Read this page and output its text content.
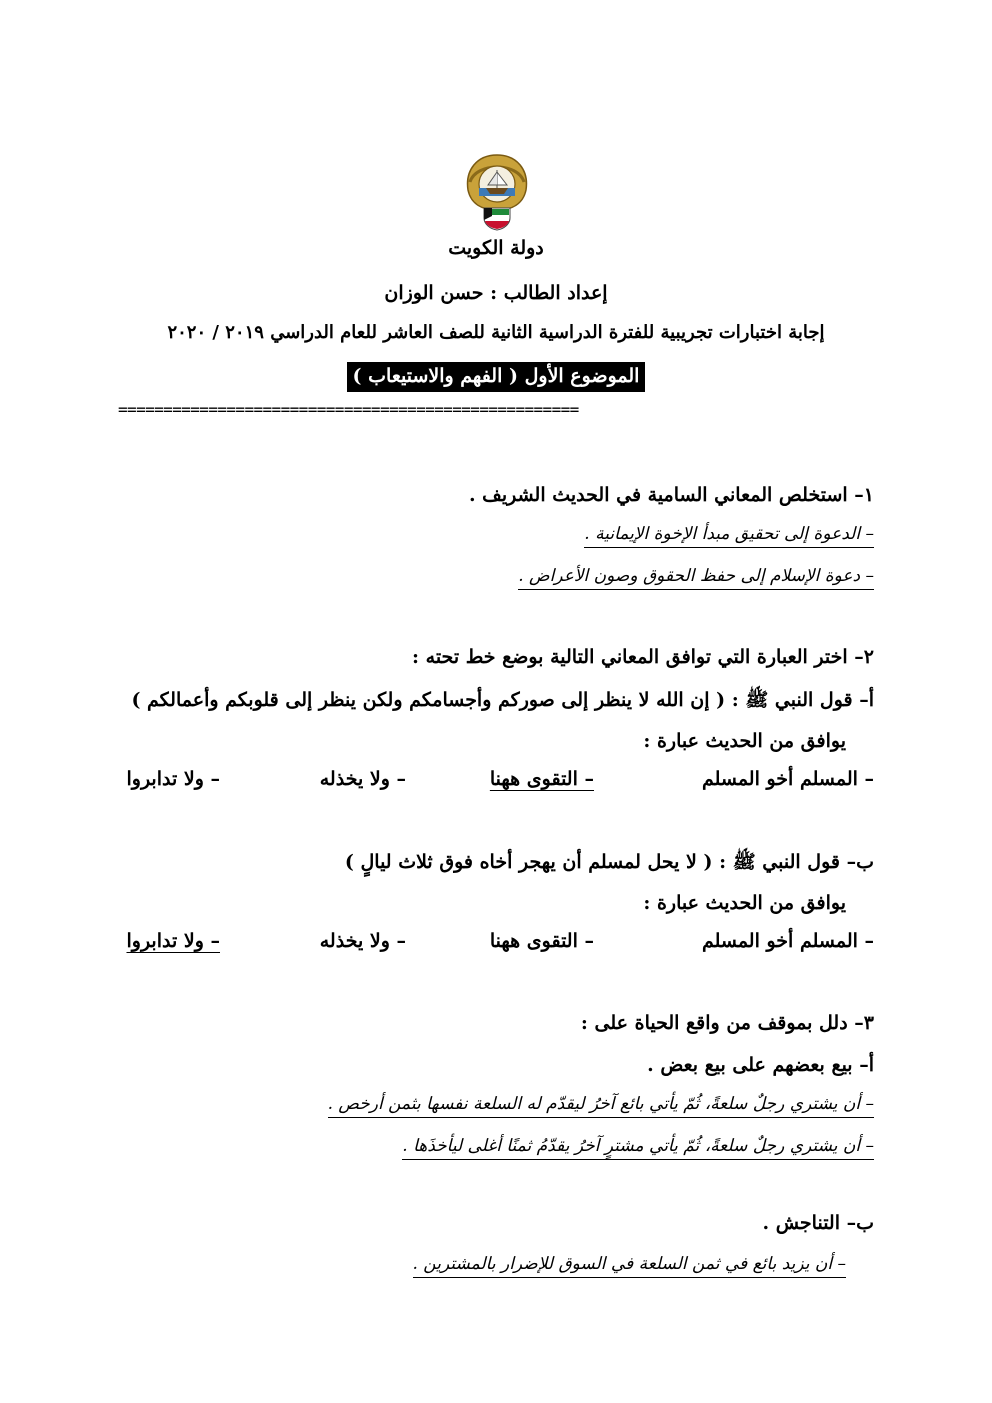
دولة الكويت
إعداد الطالب : حسن الوزان
إجابة اختبارات تجريبية للفترة الدراسية الثانية للصف العاشر للعام الدراسي ٢٠١٩ / ٢٠٢٠
الموضوع الأول ( الفهم والاستيعاب )
===================================================
١– استخلص المعاني السامية في الحديث الشريف .
– الدعوة إلى تحقيق مبدأ الإخوة الإيمانية .
– دعوة الإسلام إلى حفظ الحقوق وصون الأعراض .
٢– اختر العبارة التي توافق المعاني التالية بوضع خط تحته :
أ– قول النبي ﷺ : ( إن الله لا ينظر إلى صوركم وأجسامكم ولكن ينظر إلى قلوبكم وأعمالكم )
يوافق من الحديث عبارة :
– المسلم أخو المسلم
– التقوى ههنا
– ولا يخذله
– ولا تدابروا
ب– قول النبي ﷺ : ( لا يحل لمسلم أن يهجر أخاه فوق ثلاث ليالٍ )
يوافق من الحديث عبارة :
– المسلم أخو المسلم
– التقوى ههنا
– ولا يخذله
– ولا تدابروا
٣– دلل بموقف من واقع الحياة على :
أ– بيع بعضهم على بيع بعض .
– أن يشتري رجلٌ سلعةً، ثُمّ يأتي بائع آخرُ ليقدّم له السلعة نفسها بثمن أرخص .
– أن يشتري رجلٌ سلعةً، ثُمّ يأتي مشترٍ آخرُ يقدّمُ ثمنًا أغلى ليأخذَها .
ب– التناجش .
– أن يزيد بائع في ثمن السلعة في السوق للإضرار بالمشترين .
